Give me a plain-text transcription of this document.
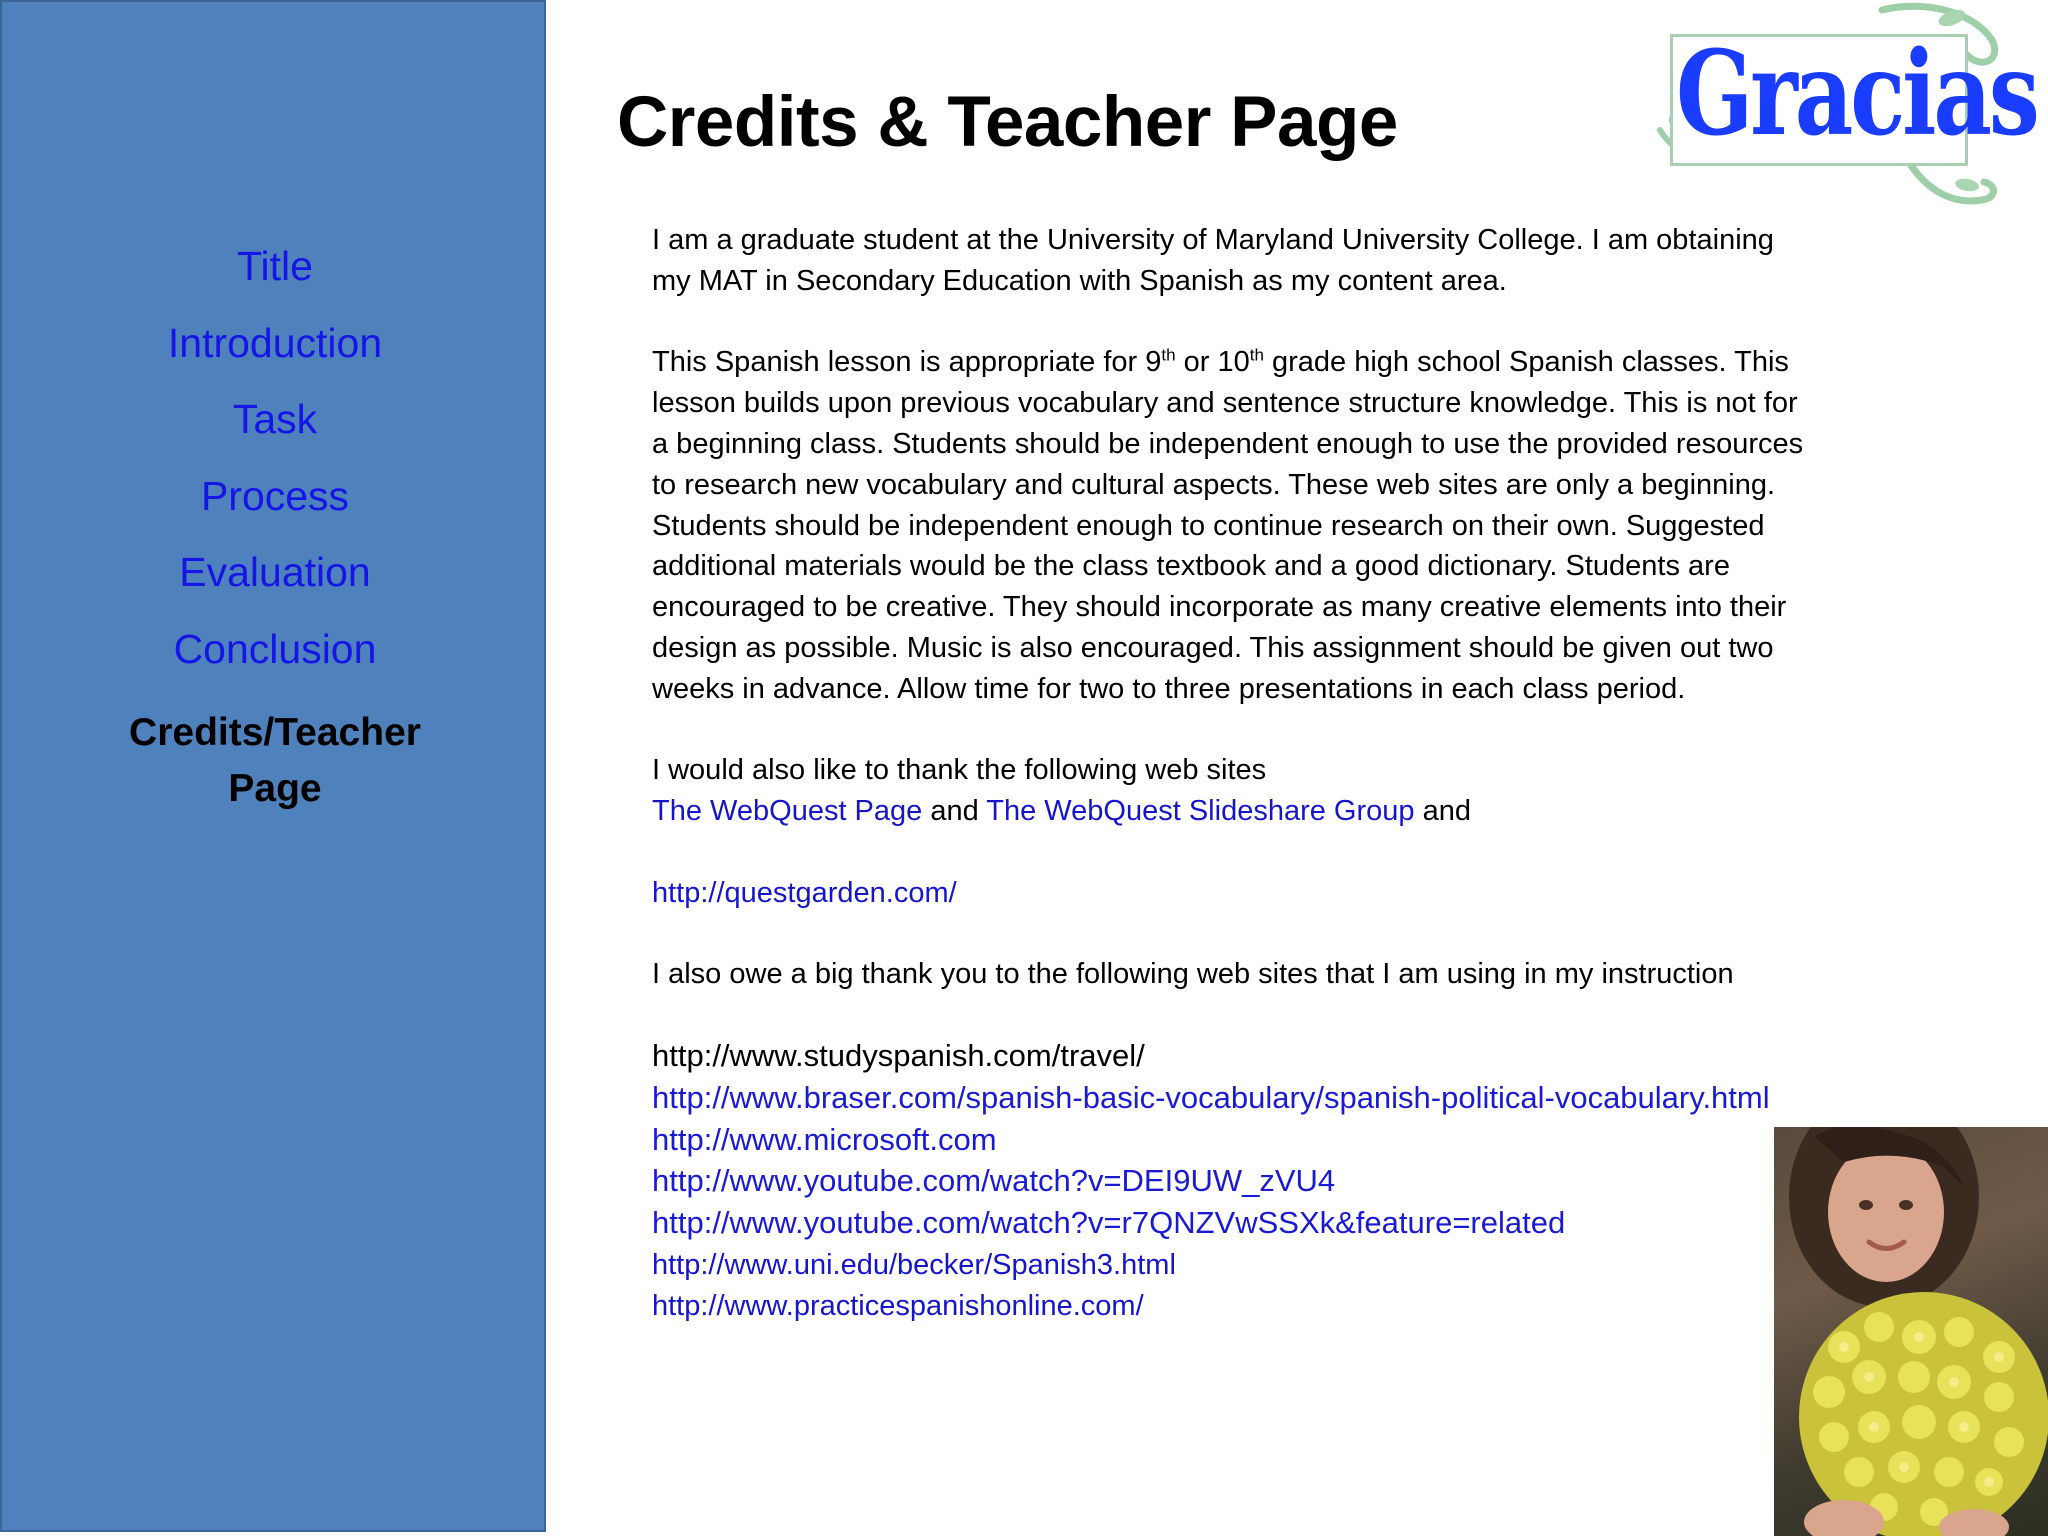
Title
Introduction
Task
Process
Evaluation
Conclusion
Credits/Teacher Page
Credits & Teacher Page Gracias

I am a graduate student at the University of Maryland University College. I am obtaining

my MAT in Secondary Education with Spanish as my content area.

This Spanish lesson is appropriate for 9th or 10th grade high school Spanish classes. This

lesson builds upon previous vocabulary and sentence structure knowledge. This is not for

a beginning class. Students should be independent enough to use the provided resources

to research new vocabulary and cultural aspects. These web sites are only a beginning.

Students should be independent enough to continue research on their own. Suggested

additional materials would be the class textbook and a good dictionary. Students are

encouraged to be creative. They should incorporate as many creative elements into their

design as possible. Music is also encouraged. This assignment should be given out two

weeks in advance. Allow time for two to three presentations in each class period.

I would also like to thank the following web sites

The WebQuest Page and The WebQuest Slideshare Group and

http://questgarden.com/

I also owe a big thank you to the following web sites that I am using in my instruction

http://www.studyspanish.com/travel/

http://www.braser.com/spanish-basic-vocabulary/spanish-political-vocabulary.html

http://www.microsoft.com

http://www.youtube.com/watch?v=DEI9UW_zVU4

http://www.youtube.com/watch?v=r7QNZVwSSXk&feature=related

http://www.uni.edu/becker/Spanish3.html

http://www.practicespanishonline.com/
